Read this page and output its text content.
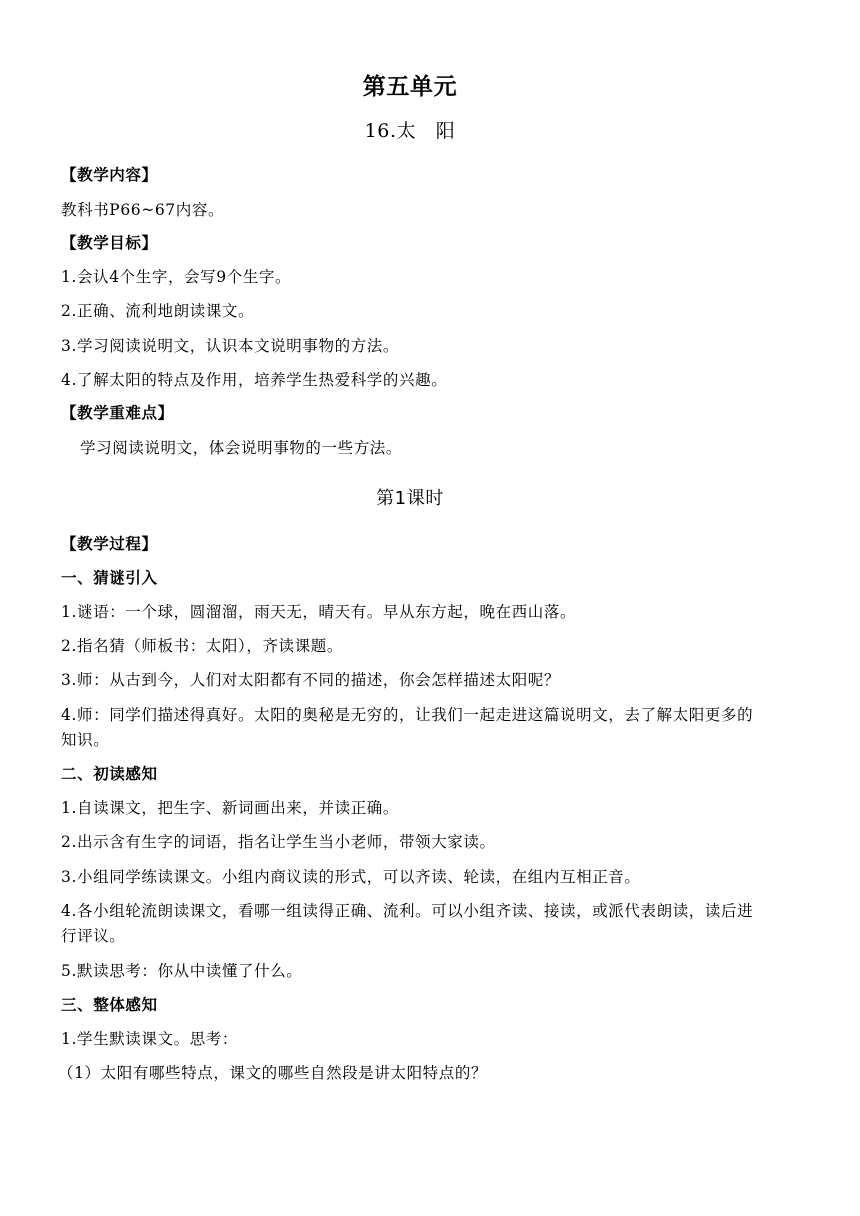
第五单元
16.太　阳
【教学内容】
教科书P66~67内容。
【教学目标】
1.会认4个生字，会写9个生字。
2.正确、流利地朗读课文。
3.学习阅读说明文，认识本文说明事物的方法。
4.了解太阳的特点及作用，培养学生热爱科学的兴趣。
【教学重难点】
学习阅读说明文，体会说明事物的一些方法。
第1课时
【教学过程】
一、猜谜引入
1.谜语：一个球，圆溜溜，雨天无，晴天有。早从东方起，晚在西山落。
2.指名猜（师板书：太阳），齐读课题。
3.师：从古到今，人们对太阳都有不同的描述，你会怎样描述太阳呢？
4.师：同学们描述得真好。太阳的奥秘是无穷的，让我们一起走进这篇说明文，去了解太阳更多的知识。
二、初读感知
1.自读课文，把生字、新词画出来，并读正确。
2.出示含有生字的词语，指名让学生当小老师，带领大家读。
3.小组同学练读课文。小组内商议读的形式，可以齐读、轮读，在组内互相正音。
4.各小组轮流朗读课文，看哪一组读得正确、流利。可以小组齐读、接读，或派代表朗读，读后进行评议。
5.默读思考：你从中读懂了什么。
三、整体感知
1.学生默读课文。思考：
（1）太阳有哪些特点，课文的哪些自然段是讲太阳特点的？
